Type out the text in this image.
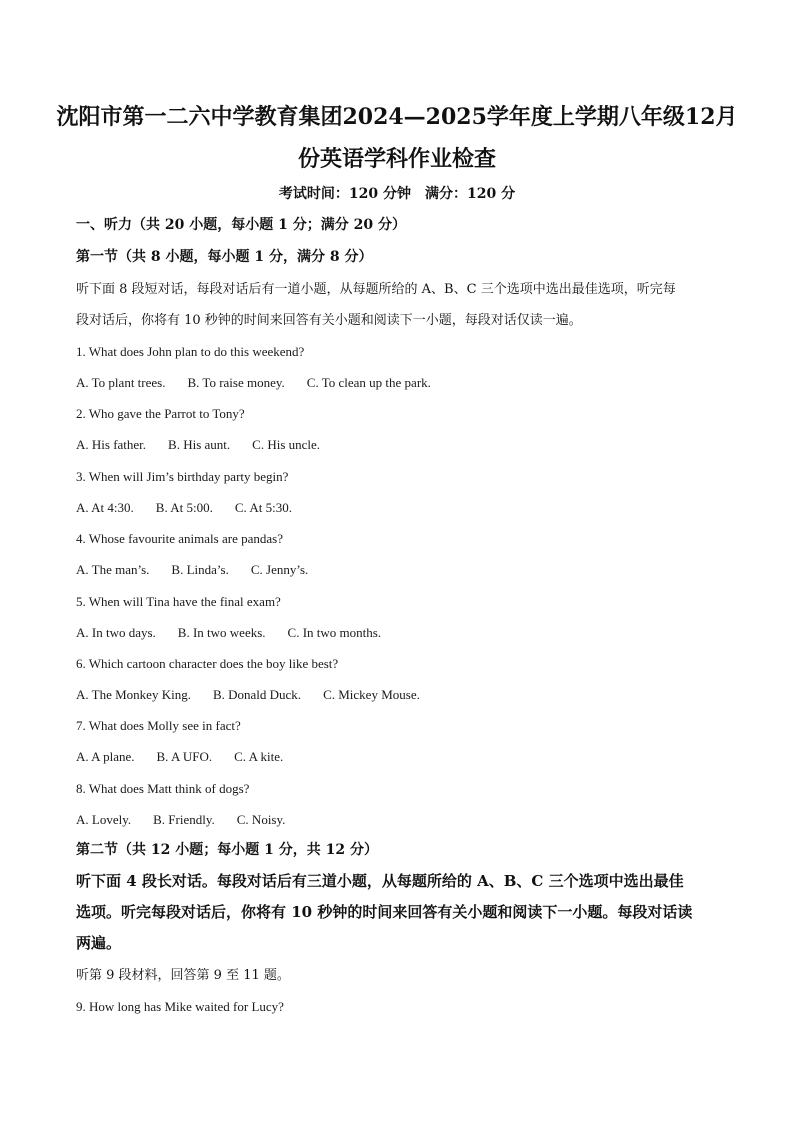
沈阳市第一二六中学教育集团2024—2025学年度上学期八年级12月
份英语学科作业检查
考试时间：120 分钟　满分：120 分
一、听力（共 20 小题，每小题 1 分；满分 20 分）
第一节（共 8 小题，每小题 1 分，满分 8 分）
听下面 8 段短对话，每段对话后有一道小题，从每题所给的 A、B、C 三个选项中选出最佳选项，听完每
段对话后，你将有 10 秒钟的时间来回答有关小题和阅读下一小题，每段对话仅读一遍。
1. What does John plan to do this weekend?
A. To plant trees. B. To raise money. C. To clean up the park.
2. Who gave the Parrot to Tony?
A. His father. B. His aunt. C. His uncle.
3. When will Jim’s birthday party begin?
A. At 4:30. B. At 5:00. C. At 5:30.
4. Whose favourite animals are pandas?
A. The man’s. B. Linda’s. C. Jenny’s.
5. When will Tina have the final exam?
A. In two days. B. In two weeks. C. In two months.
6. Which cartoon character does the boy like best?
A. The Monkey King. B. Donald Duck. C. Mickey Mouse.
7. What does Molly see in fact?
A. A plane. B. A UFO. C. A kite.
8. What does Matt think of dogs?
A. Lovely. B. Friendly. C. Noisy.
第二节（共 12 小题；每小题 1 分，共 12 分）
听下面 4 段长对话。每段对话后有三道小题，从每题所给的 A、B、C 三个选项中选出最佳
选项。听完每段对话后，你将有 10 秒钟的时间来回答有关小题和阅读下一小题。每段对话读
两遍。
听第 9 段材料，回答第 9 至 11 题。
9. How long has Mike waited for Lucy?
